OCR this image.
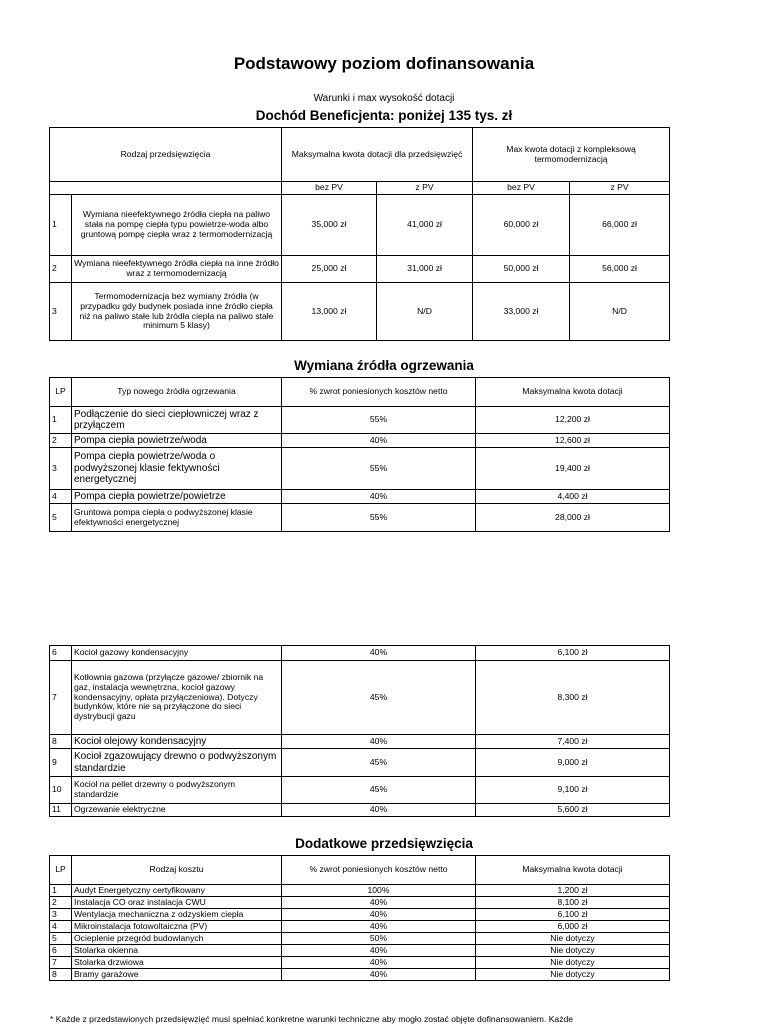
Podstawowy poziom dofinansowania
Warunki i max wysokość dotacji
Dochód Beneficjenta: poniżej 135 tys. zł
Rodzaj przedsięwzięcia		Maksymalna kwota dotacji dla przedsięwzięć		Max kwota dotacji z kompleksową termomodernizacją	
		bez PV	z PV	bez PV	z PV
1	Wymiana nieefektywnego źródła ciepła na paliwo stała na pompę ciepła typu powietrze-woda albo gruntową pompę ciepła wraz z termomodernizacją	35,000 zł	41,000 zł	60,000 zł	66,000 zł
2	Wymiana nieefektywnego źródła ciepła na inne źródło wraz z termomodernizacją	25,000 zł	31,000 zł	50,000 zł	56,000 zł
3	Termomodernizacja bez wymiany źródła (w przypadku gdy budynek posiada inne źródło ciepła niż na paliwo stałe lub źródła ciepła na paliwo stałe minimum 5 klasy)	13,000 zł	N/D	33,000 zł	N/D
Wymiana źródła ogrzewania
LP	Typ nowego źródła ogrzewania	% zwrot poniesionych kosztów netto	Maksymalna kwota dotacji
1	Podłączenie do sieci ciepłowniczej wraz z przyłączem	55%	12,200 zł
2	Pompa ciepła powietrze/woda	40%	12,600 zł
3	Pompa ciepła powietrze/woda o podwyższonej klasie fektywności energetycznej	55%	19,400 zł
4	Pompa ciepła powietrze/powietrze	40%	4,400 zł
5	Gruntowa pompa ciepła o podwyższonej klasie efektywności energetycznej	55%	28,000 zł
6	Kocioł gazowy kondensacyjny	40%	6,100 zł
7	Kotłownia gazowa (przyłącze gazowe/ zbiornik na gaz, instalacja wewnętrzna, kocioł gazowy kondensacyjny, opłata przyłączeniowa). Dotyczy budynków, które nie są przyłączone do sieci dystrybucji gazu	45%	8,300 zł
8	Kocioł olejowy kondensacyjny	40%	7,400 zł
9	Kocioł zgazowujący drewno o podwyższonym standardzie	45%	9,000 zł
10	Kocioł na pellet drzewny o podwyższonym standardzie	45%	9,100 zł
11	Ogrzewanie elektryczne	40%	5,600 zł
Dodatkowe przedsięwzięcia
LP	Rodzaj kosztu	% zwrot poniesionych kosztów netto	Maksymalna kwota dotacji
1	Audyt Energetyczny certyfikowany	100%	1,200 zł
2	Instalacja CO oraz instalacja CWU	40%	8,100 zł
3	Wentylacja mechaniczna z odzyskiem ciepła	40%	6,100 zł
4	Mikroinstalacja fotowoltaiczna (PV)	40%	6,000 zł
5	Ocieplenie przegród budowlanych	50%	Nie dotyczy
6	Stolarka okienna	40%	Nie dotyczy
7	Stolarka drzwiowa	40%	Nie dotyczy
8	Bramy garażowe	40%	Nie dotyczy
* Każde z przedstawionych przedsięwzięć musi spełniać konkretne warunki techniczne aby mogło zostać objęte dofinansowaniem. Każde
